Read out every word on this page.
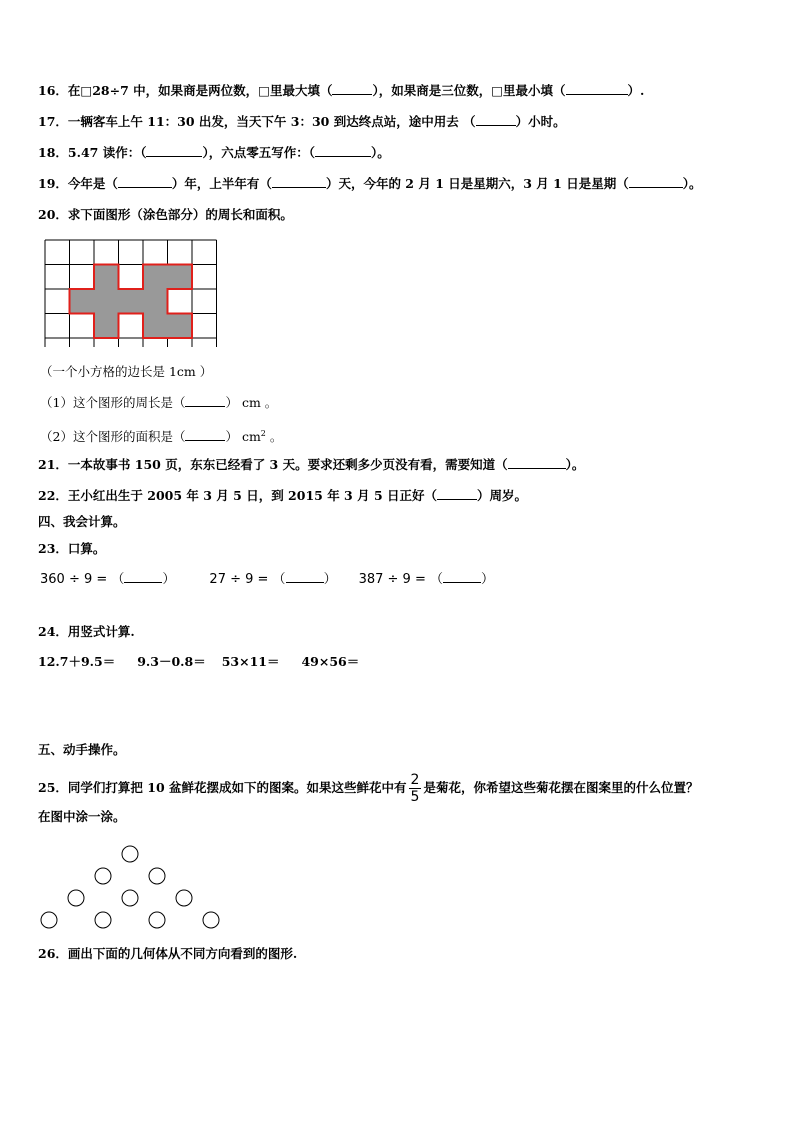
16．在□28÷7 中，如果商是两位数，□里最大填（	），如果商是三位数，□里最小填（	）.
17．一辆客车上午 11：30 出发，当天下午 3：30 到达终点站，途中用去 （	）小时。
18．5.47 读作：（	），六点零五写作：（	）。
19．今年是（	）年，上半年有（	）天，今年的 2 月 1 日是星期六，3 月 1 日是星期（	）。
20．求下面图形（涂色部分）的周长和面积。
（一个小方格的边长是 1cm ）
（1）这个图形的周长是（	） cm 。
（2）这个图形的面积是（	） $cm^2$ 。
21．一本故事书 150 页，东东已经看了 3 天。要求还剩多少页没有看，需要知道（	）。
22．王小红出生于 2005 年 3 月 5 日，到 2015 年 3 月 5 日正好（	）周岁。
四、我会计算。
23．口算。
360 ÷ 9 = （	）	27 ÷ 9 = （	） 387 ÷ 9 = （	）
24．用竖式计算.
12.7＋9.5＝ 9.3－0.8＝ 53×11＝ 49×56＝
五、动手操作。
25．同学们打算把 10 盆鲜花摆成如下的图案。如果这些鲜花中有 $\frac{2}{5}$ 是菊花，你希望这些菊花摆在图案里的什么位置？
在图中涂一涂。
26．画出下面的几何体从不同方向看到的图形.
